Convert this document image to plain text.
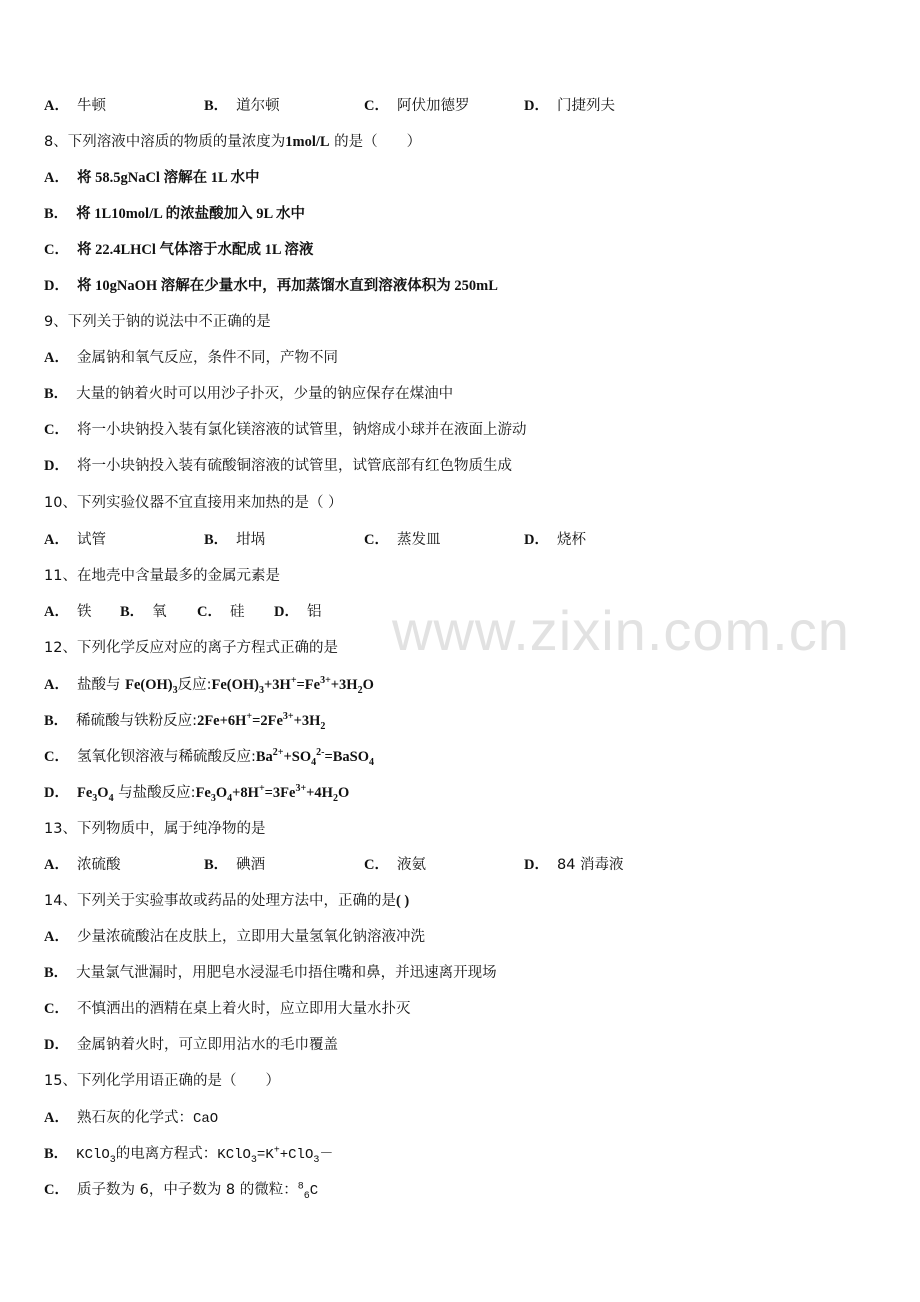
www.zixin.com.cn
A． 牛顿	B． 道尔顿	C． 阿伏加德罗	D． 门捷列夫
8、下列溶液中溶质的物质的量浓度为1mol/L 的是（　　）
A． 将 58.5gNaCl 溶解在 1L 水中
B． 将 1L10mol/L 的浓盐酸加入 9L 水中
C． 将 22.4LHCl 气体溶于水配成 1L 溶液
D． 将 10gNaOH 溶解在少量水中，再加蒸馏水直到溶液体积为 250mL
9、下列关于钠的说法中不正确的是
A． 金属钠和氧气反应，条件不同，产物不同
B． 大量的钠着火时可以用沙子扑灭，少量的钠应保存在煤油中
C． 将一小块钠投入装有氯化镁溶液的试管里，钠熔成小球并在液面上游动
D． 将一小块钠投入装有硫酸铜溶液的试管里，试管底部有红色物质生成
10、下列实验仪器不宜直接用来加热的是（ ）
A． 试管	B． 坩埚	C． 蒸发皿	D． 烧杯
11、在地壳中含量最多的金属元素是
A． 铁 B． 氧 C． 硅 D． 铝
12、下列化学反应对应的离子方程式正确的是
A． 盐酸与 $Fe(OH)_3$反应$:Fe(OH)_3+3H^+=Fe^{3+}+3H_2O$
B． 稀硫酸与铁粉反应$:2Fe+6H^+=2Fe^{3+}+3H_2$
C． 氢氧化钡溶液与稀硫酸反应$:Ba^{2+}+SO_4^{2-}=BaSO_4$
D． $Fe_3O_4$ 与盐酸反应$:Fe_3O_4+8H^+=3Fe^{3+}+4H_2O$
13、下列物质中，属于纯净物的是
A． 浓硫酸	B． 碘酒	C． 液氨	D． 84 消毒液
14、下列关于实验事故或药品的处理方法中，正确的是( )
A． 少量浓硫酸沾在皮肤上，立即用大量氢氧化钠溶液冲洗
B． 大量氯气泄漏时，用肥皂水浸湿毛巾捂住嘴和鼻，并迅速离开现场
C． 不慎洒出的酒精在桌上着火时，应立即用大量水扑灭
D． 金属钠着火时，可立即用沾水的毛巾覆盖
15、下列化学用语正确的是（　　）
A． 熟石灰的化学式：CaO
B． KClO$_3$的电离方程式：KClO$_3$=K++ClO$_3$－
C． 质子数为 6，中子数为 8 的微粒：$^8_6$C
